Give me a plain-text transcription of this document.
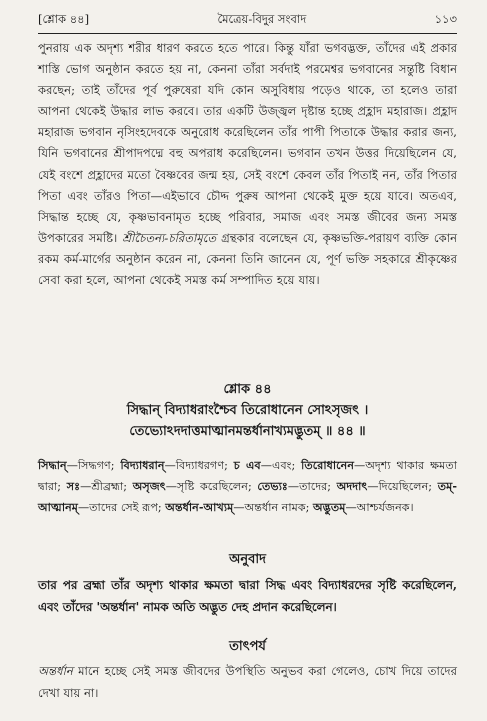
[শ্লোক ৪৪]	মৈত্রেয়-বিদুর সংবাদ	১১৩

পুনরায় এক অদৃশ্য শরীর ধারণ করতে হতে পারে। কিন্তু যাঁরা ভগবদ্ভক্ত, তাঁদের এই প্রকার শাস্তি ভোগ অনুষ্ঠান করতে হয় না, কেননা তাঁরা সর্বদাই পরমেশ্বর ভগবানের সন্তুষ্টি বিধান করছেন; তাই তাঁদের পূর্ব পুরুষেরা যদি কোন অসুবিধায় পড়েও থাকে, তা হলেও তারা আপনা থেকেই উদ্ধার লাভ করবে। তার একটি উজ্জ্বল দৃষ্টান্ত হচ্ছে প্রহ্লাদ মহারাজ। প্রহ্লাদ মহারাজ ভগবান নৃসিংহদেবকে অনুরোধ করেছিলেন তাঁর পাপী পিতাকে উদ্ধার করার জন্য, যিনি ভগবানের শ্রীপাদপদ্মে বহু অপরাধ করেছিলেন। ভগবান তখন উত্তর দিয়েছিলেন যে, যেই বংশে প্রহ্লাদের মতো বৈষ্ণবের জন্ম হয়, সেই বংশে কেবল তাঁর পিতাই নন, তাঁর পিতার পিতা এবং তাঁরও পিতা—এইভাবে চৌদ্দ পুরুষ আপনা থেকেই মুক্ত হয়ে যাবে। অতএব, সিদ্ধান্ত হচ্ছে যে, কৃষ্ণভাবনামৃত হচ্ছে পরিবার, সমাজ এবং সমস্ত জীবের জন্য সমস্ত উপকারের সমষ্টি। শ্রীচৈতন্য-চরিতামৃতে গ্রন্থকার বলেছেন যে, কৃষ্ণভক্তি-পরায়ণ ব্যক্তি কোন রকম কর্ম-মার্গের অনুষ্ঠান করেন না, কেননা তিনি জানেন যে, পূর্ণ ভক্তি সহকারে শ্রীকৃষ্ণের সেবা করা হলে, আপনা থেকেই সমস্ত কর্ম সম্পাদিত হয়ে যায়।

শ্লোক ৪৪
সিদ্ধান্ বিদ্যাধরাংশ্চৈব তিরোধানেন সোঽসৃজৎ ।
তেভ্যোঽদদাত্তমাত্মানমন্তর্ধানাখ্যমদ্ভুতম্ ॥ ৪৪ ॥
সিদ্ধান্—সিদ্ধগণ; বিদ্যাধরান্—বিদ্যাধরগণ; চ এব—এবং; তিরোধানেন—অদৃশ্য থাকার ক্ষমতা দ্বারা; সঃ—শ্রীব্রহ্মা; অসৃজৎ—সৃষ্টি করেছিলেন; তেভ্যঃ—তাদের; অদদাৎ—দিয়েছিলেন; তম্-আত্মানম্—তাদের সেই রূপ; অন্তর্ধান-আখ্যম্—অন্তর্ধান নামক; অদ্ভুতম্—আশ্চর্যজনক।
অনুবাদ

তার পর ব্রহ্মা তাঁর অদৃশ্য থাকার ক্ষমতা দ্বারা সিদ্ধ এবং বিদ্যাধরদের সৃষ্টি করেছিলেন, এবং তাঁদের 'অন্তর্ধান' নামক অতি অদ্ভুত দেহ প্রদান করেছিলেন।

তাৎপর্য

অন্তর্ধান মানে হচ্ছে সেই সমস্ত জীবদের উপস্থিতি অনুভব করা গেলেও, চোখ দিয়ে তাদের দেখা যায় না।
